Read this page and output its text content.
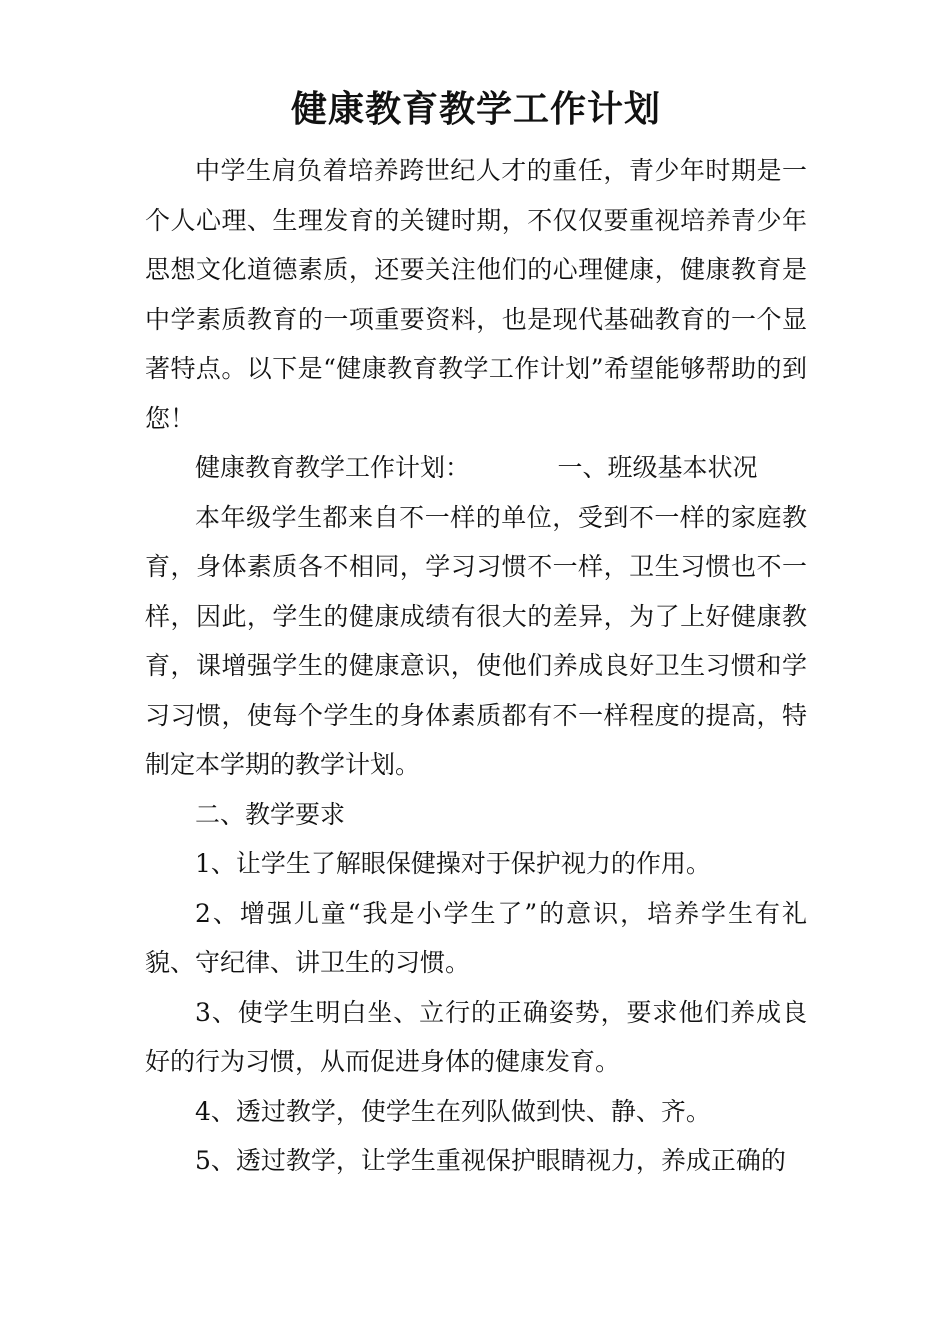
健康教育教学工作计划

中学生肩负着培养跨世纪人才的重任，青少年时期是一个人心理、生理发育的关键时期，不仅仅要重视培养青少年思想文化道德素质，还要关注他们的心理健康，健康教育是中学素质教育的一项重要资料，也是现代基础教育的一个显著特点。以下是“健康教育教学工作计划”希望能够帮助的到您！

健康教育教学工作计划：　　　　一、班级基本状况

本年级学生都来自不一样的单位，受到不一样的家庭教育，身体素质各不相同，学习习惯不一样，卫生习惯也不一样，因此，学生的健康成绩有很大的差异，为了上好健康教育，课增强学生的健康意识，使他们养成良好卫生习惯和学习习惯，使每个学生的身体素质都有不一样程度的提高，特制定本学期的教学计划。

二、教学要求

1、让学生了解眼保健操对于保护视力的作用。

2、增强儿童“我是小学生了”的意识，培养学生有礼貌、守纪律、讲卫生的习惯。

3、使学生明白坐、立行的正确姿势，要求他们养成良好的行为习惯，从而促进身体的健康发育。

4、透过教学，使学生在列队做到快、静、齐。

5、透过教学，让学生重视保护眼睛视力，养成正确的
